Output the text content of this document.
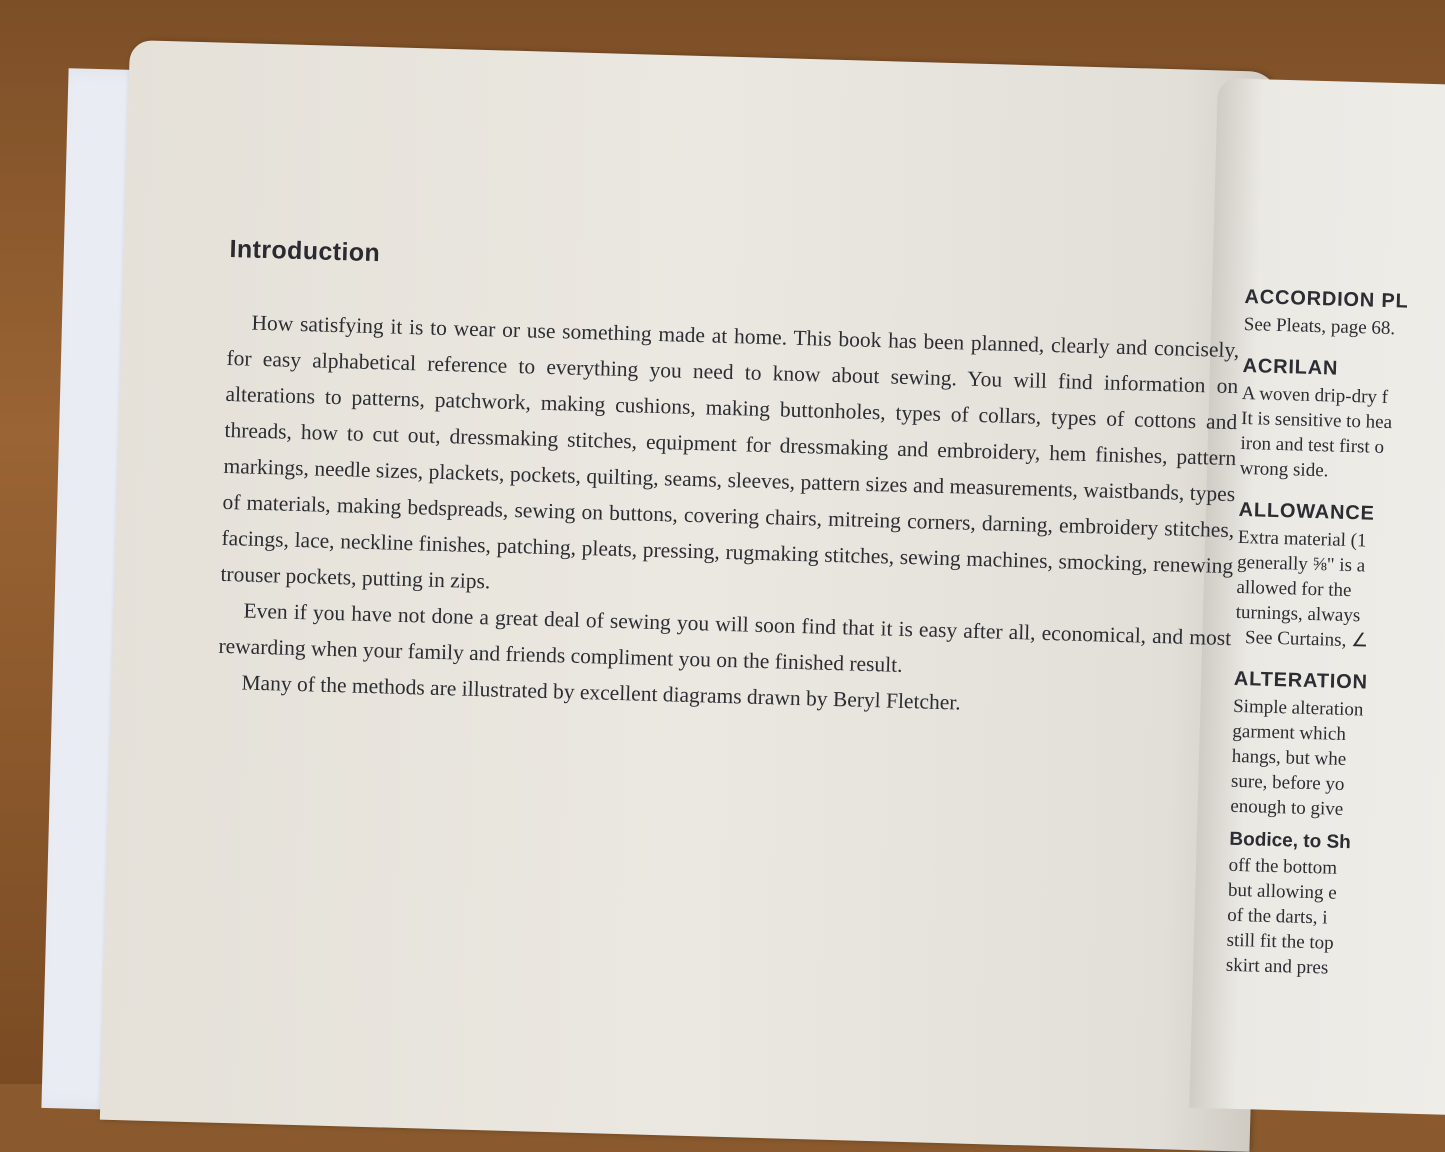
Introduction

How satisfying it is to wear or use something made at home. This book has been planned, clearly and concisely, for easy alphabetical reference to everything you need to know about sewing. You will find information on alterations to patterns, patchwork, making cushions, making buttonholes, types of collars, types of cottons and threads, how to cut out, dressmaking stitches, equipment for dressmaking and embroidery, hem finishes, pattern markings, needle sizes, plackets, pockets, quilting, seams, sleeves, pattern sizes and measurements, waistbands, types of materials, making bedspreads, sewing on buttons, covering chairs, mitreing corners, darning, embroidery stitches, facings, lace, neckline finishes, patching, pleats, pressing, rugmaking stitches, sewing machines, smocking, renewing trouser pockets, putting in zips.

Even if you have not done a great deal of sewing you will soon find that it is easy after all, economical, and most rewarding when your family and friends compliment you on the finished result.

Many of the methods are illustrated by excellent diagrams drawn by Beryl Fletcher.

ACCORDION PL

See Pleats, page 68.

ACRILAN

A woven drip-dry f

It is sensitive to hea

iron and test first o

wrong side.

ALLOWANCE

Extra material (1

generally ⅝" is a

allowed for the

turnings, always

See Curtains, ∠

ALTERATION

Simple alteration

garment which

hangs, but whe

sure, before yo

enough to give

Bodice, to Sh

off the bottom

but allowing e

of the darts, i

still fit the top

skirt and pres
